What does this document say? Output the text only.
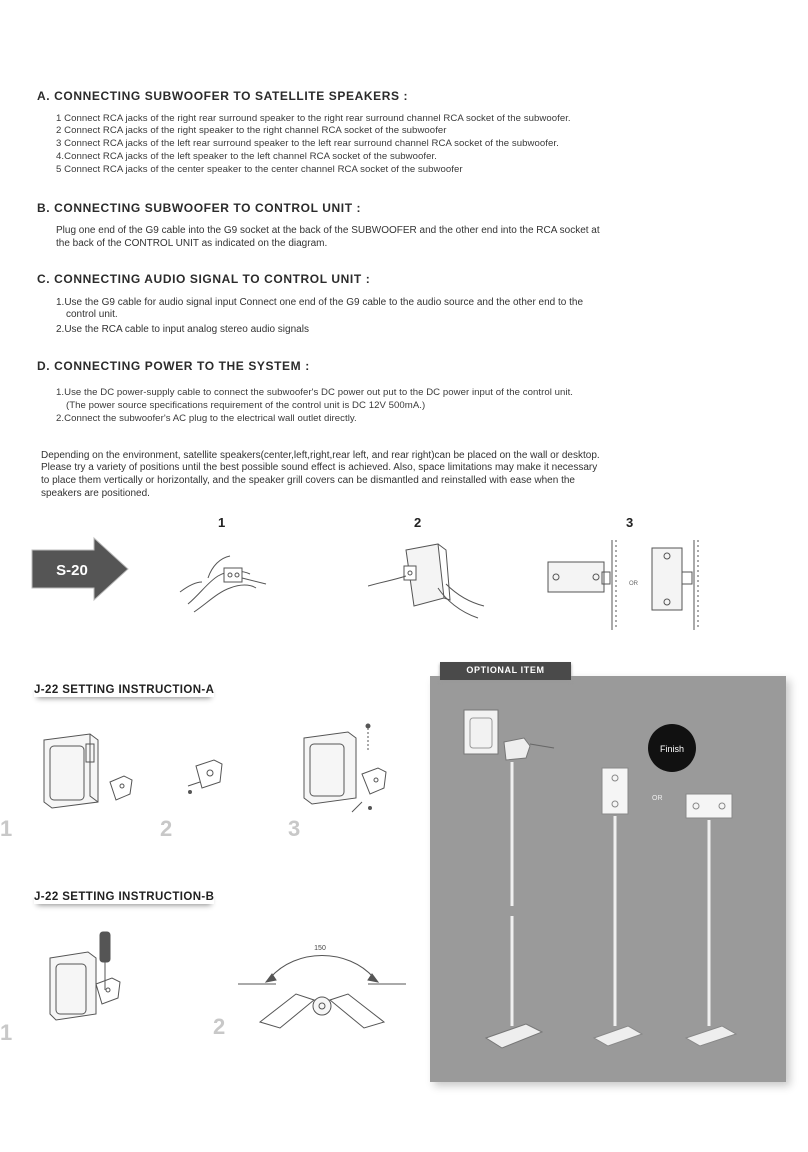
A. CONNECTING SUBWOOFER TO SATELLITE SPEAKERS :
1 Connect RCA jacks of the right rear surround speaker to the right rear surround channel RCA socket of the subwoofer.
2 Connect RCA jacks of the right speaker to the right channel RCA socket of the subwoofer
3 Connect RCA jacks of the left rear surround speaker to the left rear surround channel RCA socket of the subwoofer.
4.Connect RCA jacks of the left speaker to the left channel RCA socket of the subwoofer.
5 Connect RCA jacks of the center speaker to the center channel RCA socket of the subwoofer
B. CONNECTING SUBWOOFER TO CONTROL UNIT :
Plug one end of the G9 cable into the G9 socket at the back of the SUBWOOFER and the other end into the RCA socket at
the back of the CONTROL UNIT as indicated on the diagram.
C. CONNECTING AUDIO SIGNAL TO CONTROL UNIT :
1.Use the G9 cable for audio signal input Connect one end of the G9 cable to the audio source and the other end to the
control unit.
2.Use the RCA cable to input analog stereo audio signals
D. CONNECTING POWER TO THE SYSTEM :
1.Use the DC power-supply cable to connect the subwoofer's DC power out put to the DC power input of the control unit.
(The power source specifications requirement of the control unit is DC 12V 500mA.)
2.Connect the subwoofer's AC plug to the electrical wall outlet directly.
Depending on the environment, satellite speakers(center,left,right,rear left, and rear right)can be placed on the wall or desktop.
Please try a variety of positions until the best possible sound effect is achieved. Also, space limitations may make it necessary
to place them vertically or horizontally, and the speaker grill covers can be dismantled and reinstalled with ease when the
speakers are positioned.
S-20
1	2	3
OR
J-22 SETTING INSTRUCTION-A
1	2	3
J-22 SETTING INSTRUCTION-B
150
1	2
OPTIONAL ITEM
Finish
OR
